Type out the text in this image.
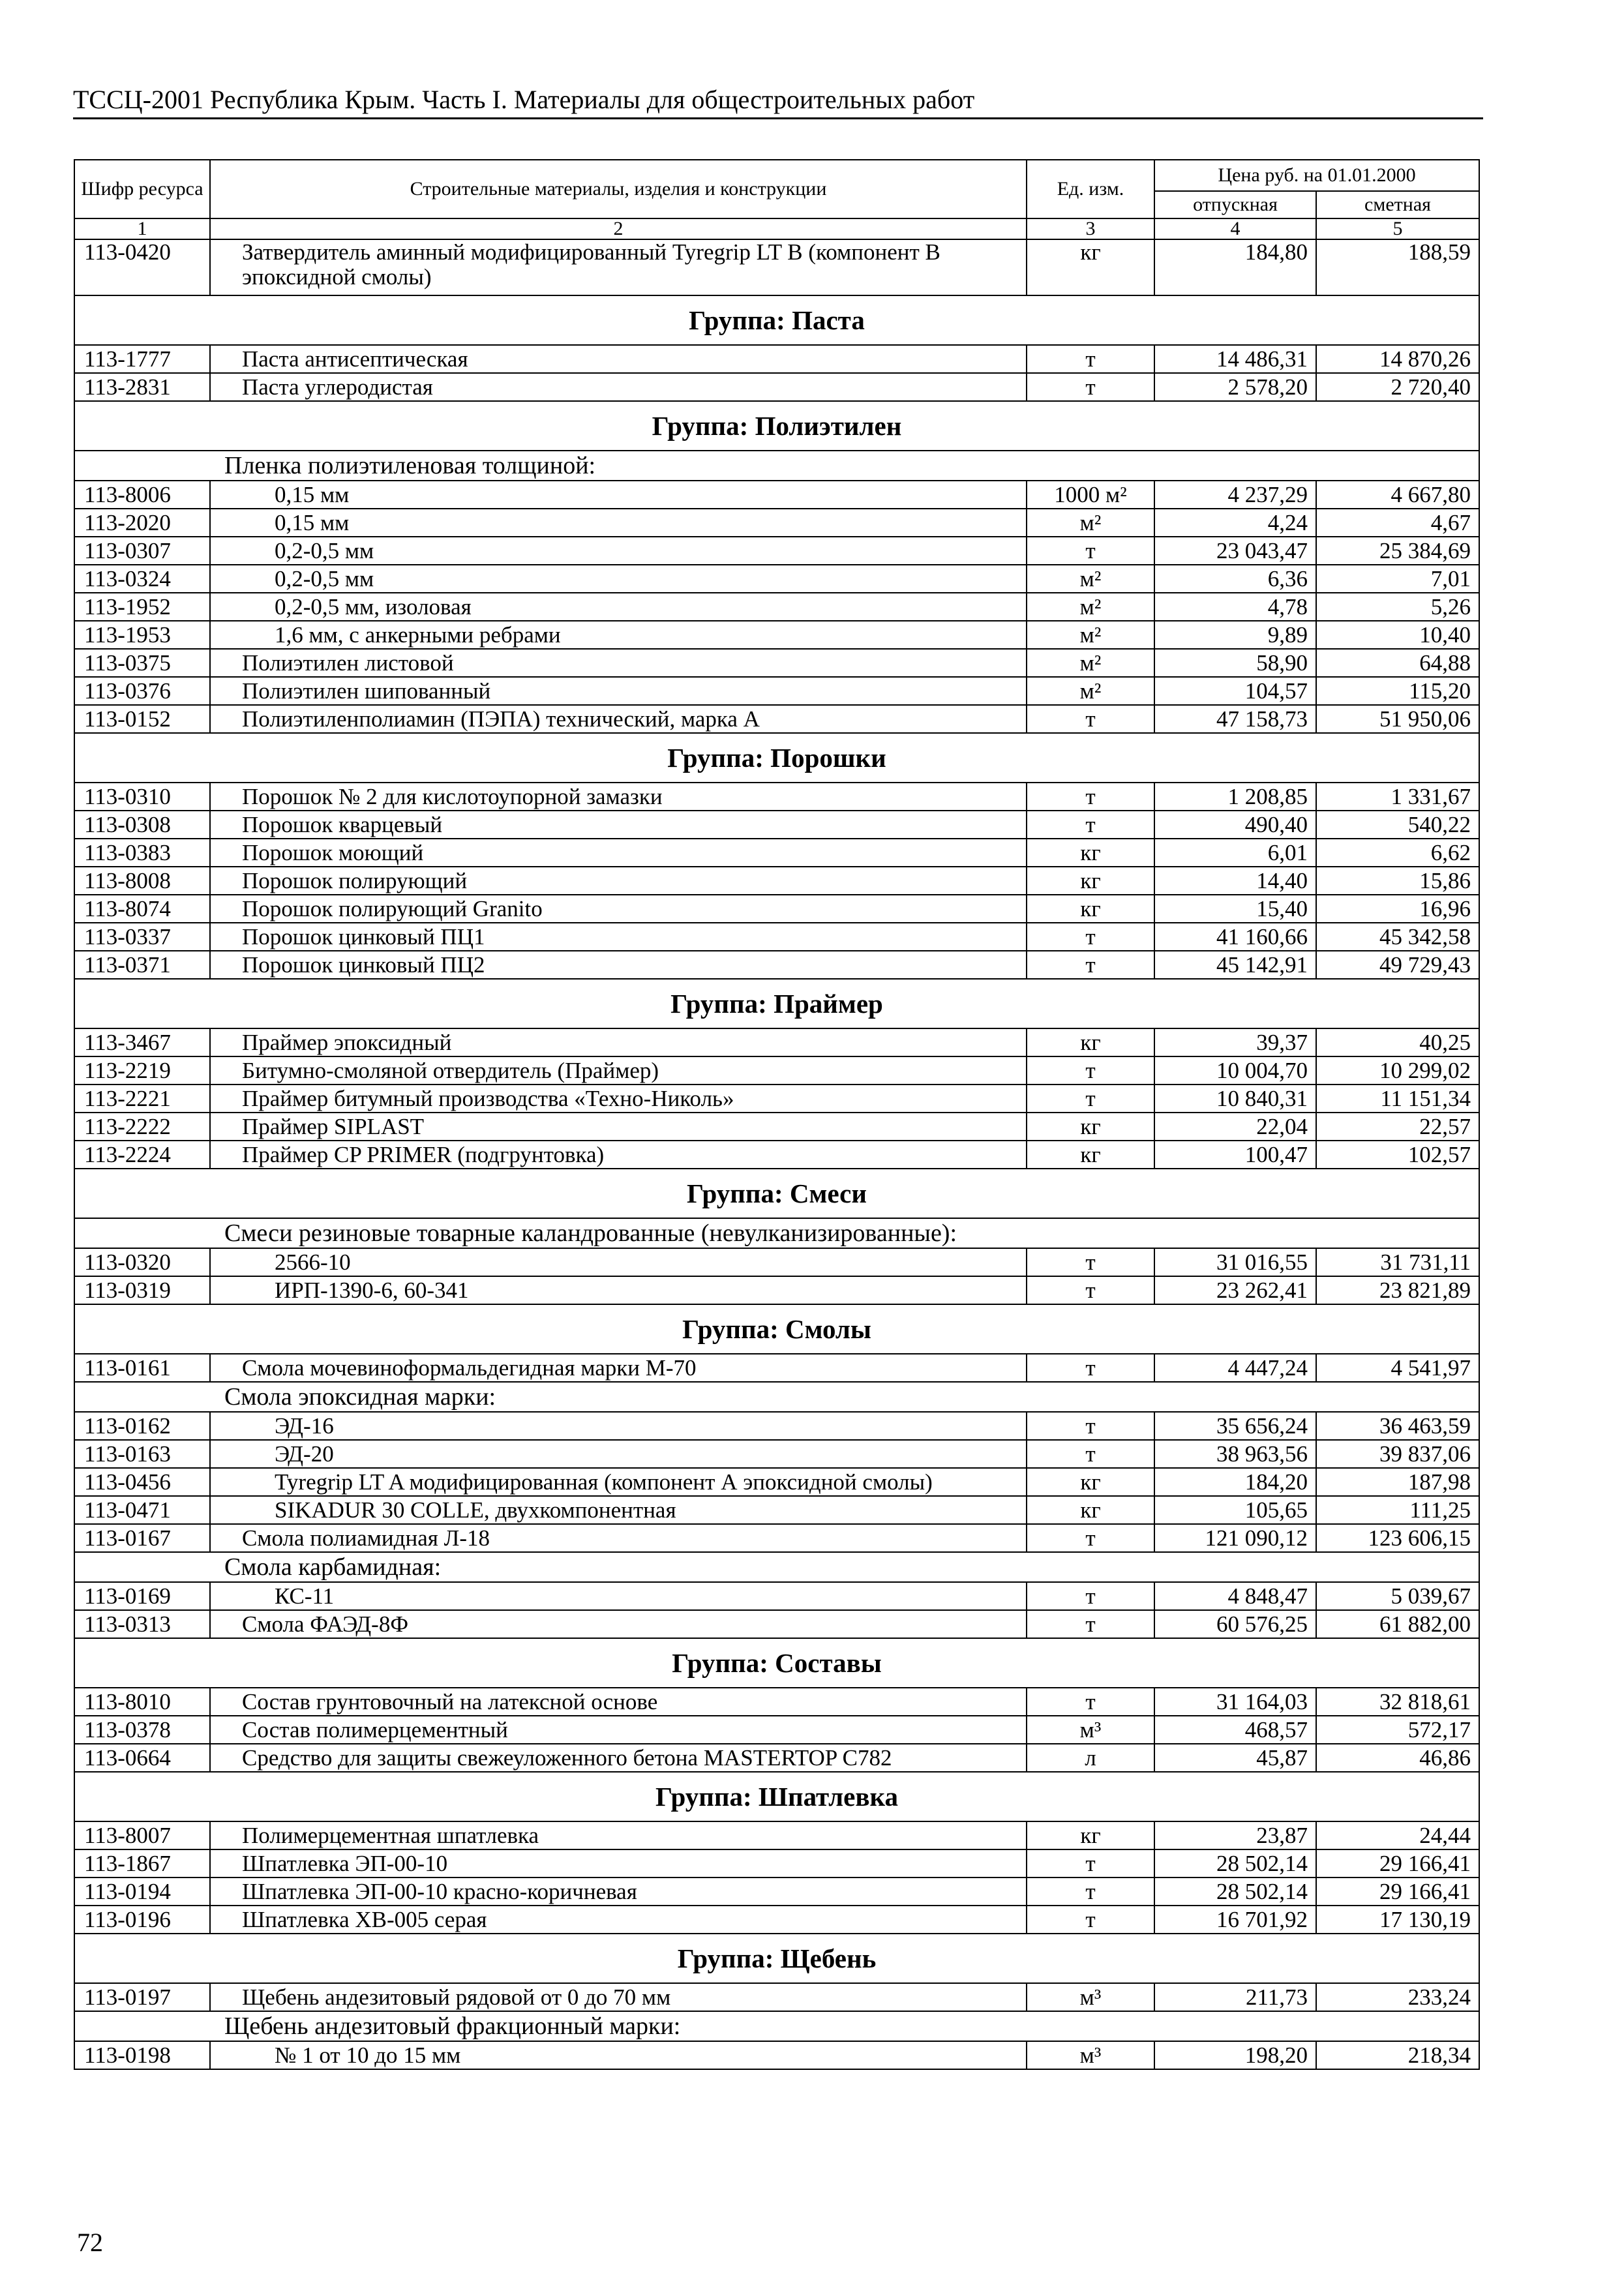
ТССЦ-2001 Республика Крым. Часть I. Материалы для общестроительных работ
Шифр ресурса	Строительные материалы, изделия и конструкции	Ед. изм.	Цена руб. на 01.01.2000	
			отпускная	сметная
1	2	3	4	5
113-0420	Затвердитель аминный модифицированный Tyregrip LT B (компонент B эпоксидной смолы)	кг	184,80	188,59
Группа: Паста				
113-1777	Паста антисептическая	т	14 486,31	14 870,26
113-2831	Паста углеродистая	т	2 578,20	2 720,40
Группа: Полиэтилен				
Пленка полиэтиленовая толщиной:				
113-8006	0,15 мм	1000 м²	4 237,29	4 667,80
113-2020	0,15 мм	м²	4,24	4,67
113-0307	0,2-0,5 мм	т	23 043,47	25 384,69
113-0324	0,2-0,5 мм	м²	6,36	7,01
113-1952	0,2-0,5 мм, изоловая	м²	4,78	5,26
113-1953	1,6 мм, с анкерными ребрами	м²	9,89	10,40
113-0375	Полиэтилен листовой	м²	58,90	64,88
113-0376	Полиэтилен шипованный	м²	104,57	115,20
113-0152	Полиэтиленполиамин (ПЭПА) технический, марка А	т	47 158,73	51 950,06
Группа: Порошки				
113-0310	Порошок № 2 для кислотоупорной замазки	т	1 208,85	1 331,67
113-0308	Порошок кварцевый	т	490,40	540,22
113-0383	Порошок моющий	кг	6,01	6,62
113-8008	Порошок полирующий	кг	14,40	15,86
113-8074	Порошок полирующий Granito	кг	15,40	16,96
113-0337	Порошок цинковый ПЦ1	т	41 160,66	45 342,58
113-0371	Порошок цинковый ПЦ2	т	45 142,91	49 729,43
Группа: Праймер				
113-3467	Праймер эпоксидный	кг	39,37	40,25
113-2219	Битумно-смоляной отвердитель (Праймер)	т	10 004,70	10 299,02
113-2221	Праймер битумный производства «Техно-Николь»	т	10 840,31	11 151,34
113-2222	Праймер SIPLAST	кг	22,04	22,57
113-2224	Праймер CP PRIMER (подгрунтовка)	кг	100,47	102,57
Группа: Смеси				
Смеси резиновые товарные каландрованные (невулканизированные):				
113-0320	2566-10	т	31 016,55	31 731,11
113-0319	ИРП-1390-6, 60-341	т	23 262,41	23 821,89
Группа: Смолы				
113-0161	Смола мочевиноформальдегидная марки М-70	т	4 447,24	4 541,97
Смола эпоксидная марки:				
113-0162	ЭД-16	т	35 656,24	36 463,59
113-0163	ЭД-20	т	38 963,56	39 837,06
113-0456	Tyregrip LT A модифицированная (компонент А эпоксидной смолы)	кг	184,20	187,98
113-0471	SIKADUR 30 COLLE, двухкомпонентная	кг	105,65	111,25
113-0167	Смола полиамидная Л-18	т	121 090,12	123 606,15
Смола карбамидная:				
113-0169	КС-11	т	4 848,47	5 039,67
113-0313	Смола ФАЭД-8Ф	т	60 576,25	61 882,00
Группа: Составы				
113-8010	Состав грунтовочный на латексной основе	т	31 164,03	32 818,61
113-0378	Состав полимерцементный	м³	468,57	572,17
113-0664	Средство для защиты свежеуложенного бетона MASTERTOP C782	л	45,87	46,86
Группа: Шпатлевка				
113-8007	Полимерцементная шпатлевка	кг	23,87	24,44
113-1867	Шпатлевка ЭП-00-10	т	28 502,14	29 166,41
113-0194	Шпатлевка ЭП-00-10 красно-коричневая	т	28 502,14	29 166,41
113-0196	Шпатлевка ХВ-005 серая	т	16 701,92	17 130,19
Группа: Щебень				
113-0197	Щебень андезитовый рядовой от 0 до 70 мм	м³	211,73	233,24
Щебень андезитовый фракционный марки:				
113-0198	№ 1 от 10 до 15 мм	м³	198,20	218,34
72
